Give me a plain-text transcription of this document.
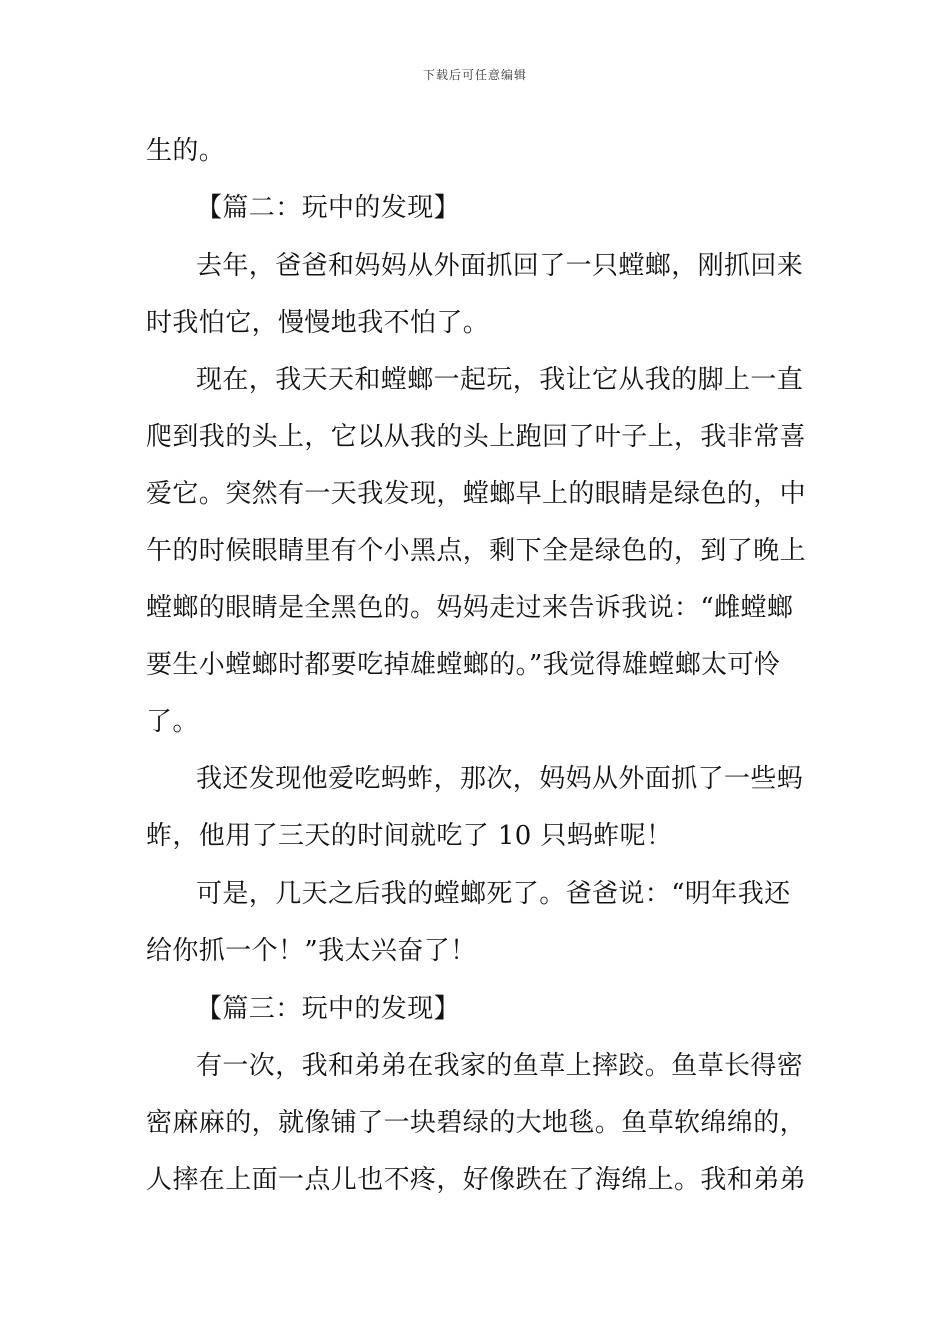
下载后可任意编辑
生的。
【篇二：玩中的发现】
去年，爸爸和妈妈从外面抓回了一只螳螂，刚抓回来
时我怕它，慢慢地我不怕了。
现在，我天天和螳螂一起玩，我让它从我的脚上一直
爬到我的头上，它以从我的头上跑回了叶子上，我非常喜
爱它。突然有一天我发现，螳螂早上的眼睛是绿色的，中
午的时候眼睛里有个小黑点，剩下全是绿色的，到了晚上
螳螂的眼睛是全黑色的。妈妈走过来告诉我说：“雌螳螂
要生小螳螂时都要吃掉雄螳螂的。”我觉得雄螳螂太可怜
了。
我还发现他爱吃蚂蚱，那次，妈妈从外面抓了一些蚂
蚱，他用了三天的时间就吃了 10 只蚂蚱呢！
可是，几天之后我的螳螂死了。爸爸说：“明年我还
给你抓一个！”我太兴奋了！
【篇三：玩中的发现】
有一次，我和弟弟在我家的鱼草上摔跤。鱼草长得密
密麻麻的，就像铺了一块碧绿的大地毯。鱼草软绵绵的，
人摔在上面一点儿也不疼，好像跌在了海绵上。我和弟弟
